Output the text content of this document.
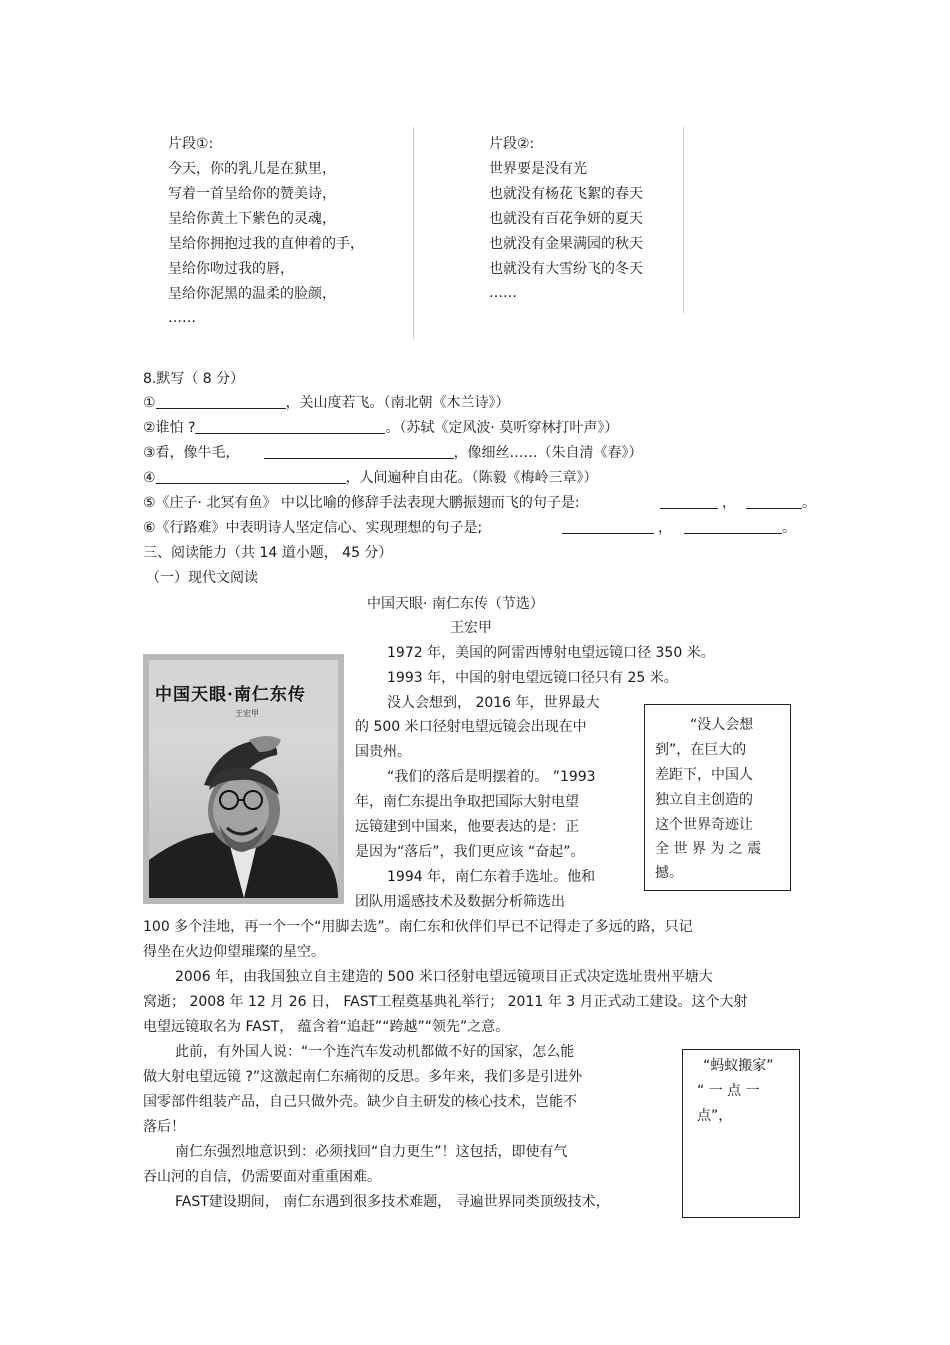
片段①:
今天，你的乳儿是在狱里，
写着一首呈给你的赞美诗，
呈给你黄土下紫色的灵魂，
呈给你拥抱过我的直伸着的手，
呈给你吻过我的唇，
呈给你泥黑的温柔的脸颜，
……
片段②:
世界要是没有光
也就没有杨花飞絮的春天
也就没有百花争妍的夏天
也就没有金果满园的秋天
也就没有大雪纷飞的冬天
……
8.默写（ 8 分）
①	，关山度若飞。（南北朝《木兰诗》）
②谁怕 ?	。（苏轼《定风波· 莫听穿林打叶声》）
③看，像牛毛，	，像细丝……（朱自清《春》）
④	，人间遍种自由花。（陈毅《梅岭三章》）
⑤《庄子· 北冥有鱼》 中以比喻的修辞手法表现大鹏振翅而飞的句子是:	，	。
⑥《行路难》中表明诗人坚定信心、实现理想的句子是;	，	。
三、阅读能力（共 14 道小题， 45 分）
（一）现代文阅读
中国天眼· 南仁东传（节选）
王宏甲
中国天眼·南仁东传
王宏甲
1972 年，美国的阿雷西博射电望远镜口径 350 米。
1993 年，中国的射电望远镜口径只有 25 米。
没人会想到， 2016 年，世界最大
的 500 米口径射电望远镜会出现在中
国贵州。
“我们的落后是明摆着的。 ”1993
年，南仁东提出争取把国际大射电望
远镜建到中国来，他要表达的是：正
是因为“落后”，我们更应该 “奋起”。
1994 年，南仁东着手选址。他和
团队用遥感技术及数据分析筛选出
“没人会想
到”，在巨大的
差距下，中国人
独立自主创造的
这个世界奇迹让
全 世 界 为 之 震
撼。
100 多个洼地，再一个一个“用脚去选”。南仁东和伙伴们早已不记得走了多远的路，只记
得坐在火边仰望璀璨的星空。
2006 年，由我国独立自主建造的 500 米口径射电望远镜项目正式决定选址贵州平塘大
窝逝； 2008 年 12 月 26 日， FAST工程奠基典礼举行； 2011 年 3 月正式动工建设。这个大射
电望远镜取名为 FAST， 蕴含着“追赶”“跨越”“领先”之意。
此前，有外国人说：“一个连汽车发动机都做不好的国家，怎么能
做大射电望远镜 ?”这激起南仁东痛彻的反思。多年来，我们多是引进外
国零部件组装产品，自己只做外壳。缺少自主研发的核心技术，岂能不
落后！
南仁东强烈地意识到：必须找回“自力更生”！这包括，即使有气
吞山河的自信，仍需要面对重重困难。
FAST建设期间， 南仁东遇到很多技术难题， 寻遍世界同类顶级技术，
“蚂蚁搬家”
“ 一 点 一
点”，
